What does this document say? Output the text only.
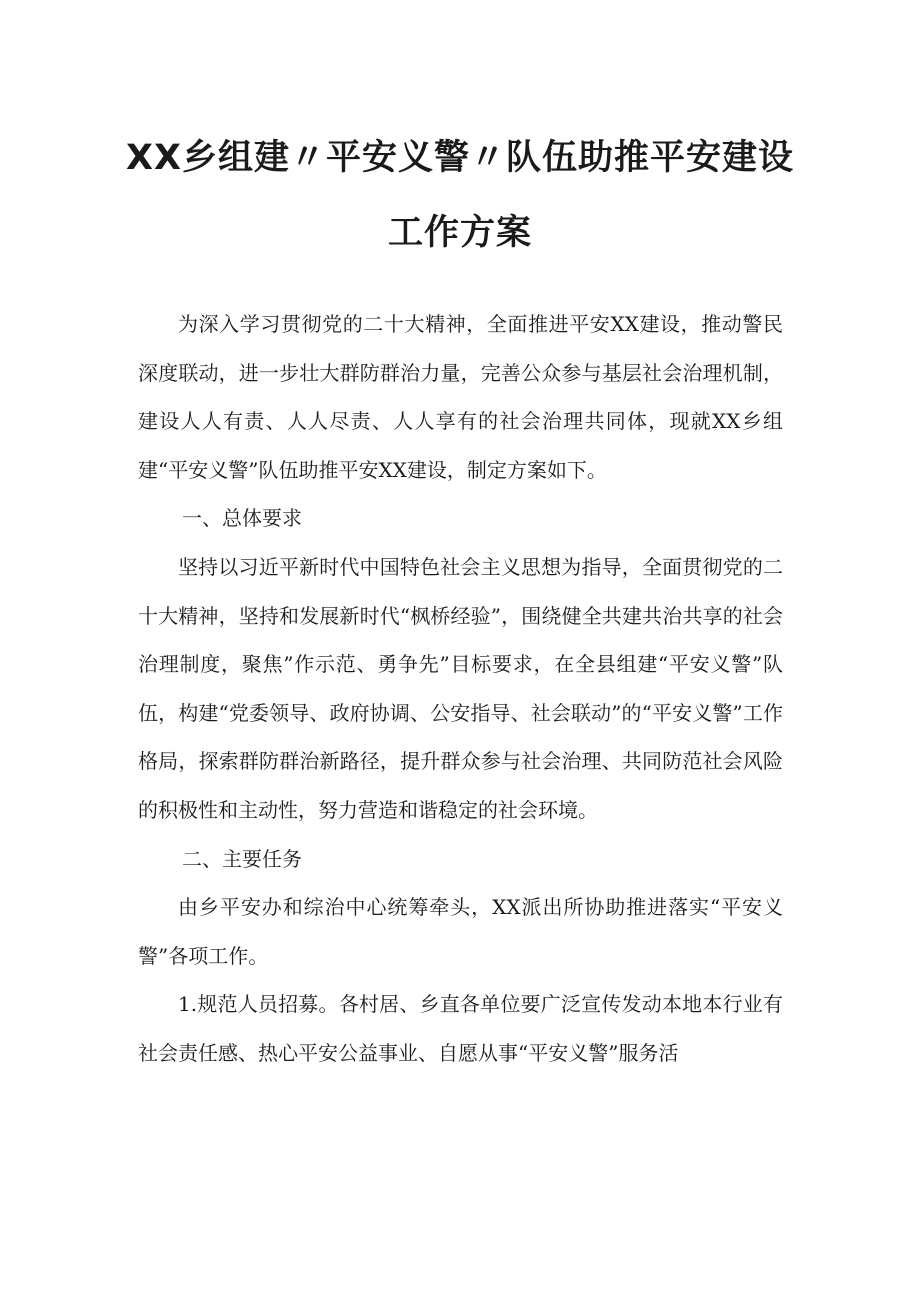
XX乡组建〃平安义警〃队伍助推平安建设
工作方案

为深入学习贯彻党的二十大精神，全面推进平安XX建设，推动警民深度联动，进一步壮大群防群治力量，完善公众参与基层社会治理机制，建设人人有责、人人尽责、人人享有的社会治理共同体，现就XX乡组建“平安义警”队伍助推平安XX建设，制定方案如下。

一、总体要求

坚持以习近平新时代中国特色社会主义思想为指导，全面贯彻党的二十大精神，坚持和发展新时代“枫桥经验”，围绕健全共建共治共享的社会治理制度，聚焦”作示范、勇争先”目标要求，在全县组建“平安义警”队伍，构建“党委领导、政府协调、公安指导、社会联动”的“平安义警”工作格局，探索群防群治新路径，提升群众参与社会治理、共同防范社会风险的积极性和主动性，努力营造和谐稳定的社会环境。

二、主要任务

由乡平安办和综治中心统筹牵头，XX派出所协助推进落实“平安义警”各项工作。

1.规范人员招募。各村居、乡直各单位要广泛宣传发动本地本行业有社会责任感、热心平安公益事业、自愿从事“平安义警”服务活
